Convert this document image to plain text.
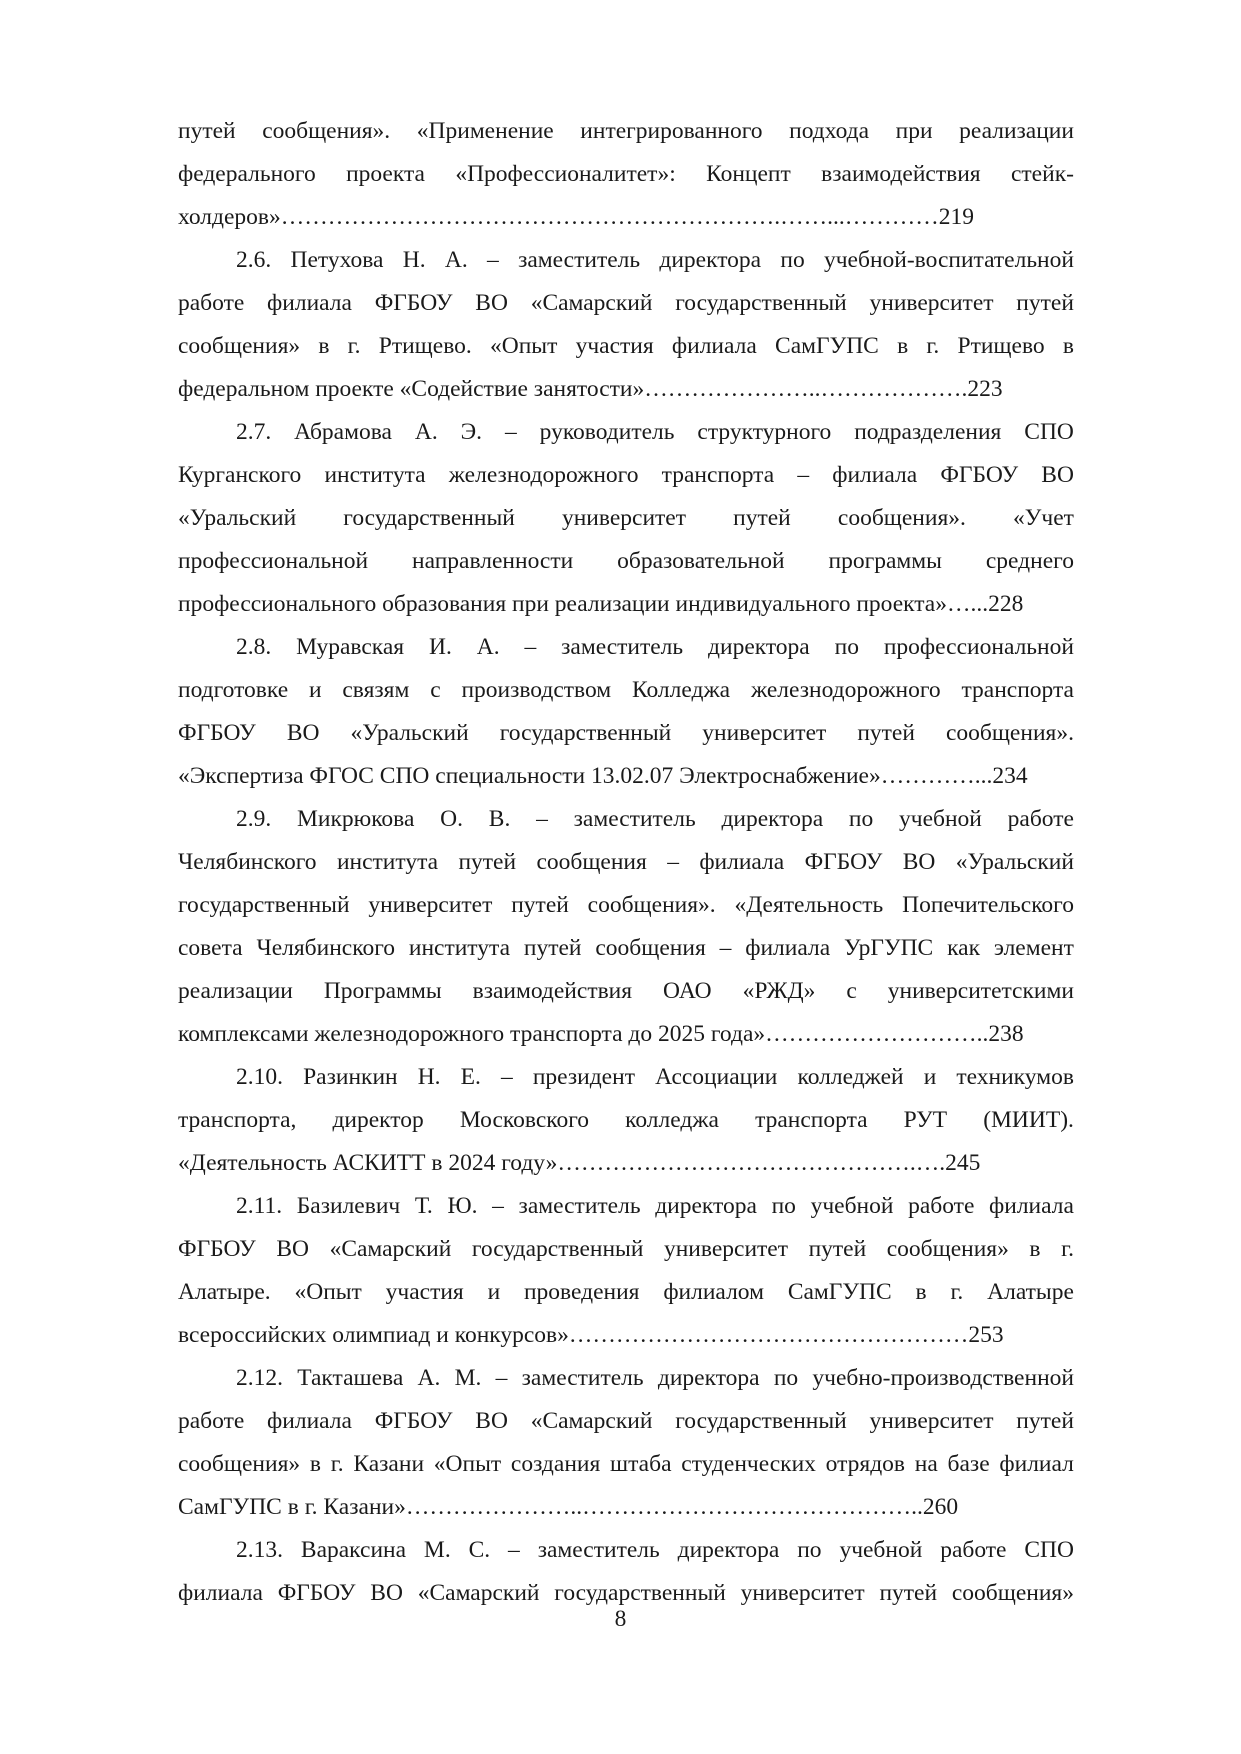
путей сообщения». «Применение интегрированного подхода при реализации
федерального проекта «Профессионалитет»: Концепт взаимодействия стейк-
холдеров»……………………………………………………….……...…………219
2.6. Петухова Н. А. – заместитель директора по учебной-воспитательной
работе филиала ФГБОУ ВО «Самарский государственный университет путей
сообщения» в г. Ртищево. «Опыт участия филиала СамГУПС в г. Ртищево в
федеральном проекте «Содействие занятости»…………………..……………….223
2.7. Абрамова А. Э. – руководитель структурного подразделения СПО
Курганского института железнодорожного транспорта – филиала ФГБОУ ВО
«Уральский государственный университет путей сообщения». «Учет
профессиональной направленности образовательной программы среднего
профессионального образования при реализации индивидуального проекта»…...228
2.8. Муравская И. А. – заместитель директора по профессиональной
подготовке и связям с производством Колледжа железнодорожного транспорта
ФГБОУ ВО «Уральский государственный университет путей сообщения».
«Экспертиза ФГОС СПО специальности 13.02.07 Электроснабжение»…………...234
2.9. Микрюкова О. В. – заместитель директора по учебной работе
Челябинского института путей сообщения – филиала ФГБОУ ВО «Уральский
государственный университет путей сообщения». «Деятельность Попечительского
совета Челябинского института путей сообщения – филиала УрГУПС как элемент
реализации Программы взаимодействия ОАО «РЖД» с университетскими
комплексами железнодорожного транспорта до 2025 года»………………………..238
2.10. Разинкин Н. Е. – президент Ассоциации колледжей и техникумов
транспорта, директор Московского колледжа транспорта РУТ (МИИТ).
«Деятельность АСКИТТ в 2024 году»……………………………………….….245
2.11. Базилевич Т. Ю. – заместитель директора по учебной работе филиала
ФГБОУ ВО «Самарский государственный университет путей сообщения» в г.
Алатыре. «Опыт участия и проведения филиалом СамГУПС в г. Алатыре
всероссийских олимпиад и конкурсов»……………………………………………253
2.12. Такташева А. М. – заместитель директора по учебно-производственной
работе филиала ФГБОУ ВО «Самарский государственный университет путей
сообщения» в г. Казани «Опыт создания штаба студенческих отрядов на базе филиал
СамГУПС в г. Казани»…………………..……………………………………..260
2.13. Вараксина М. С. – заместитель директора по учебной работе СПО
филиала ФГБОУ ВО «Самарский государственный университет путей сообщения»
8
